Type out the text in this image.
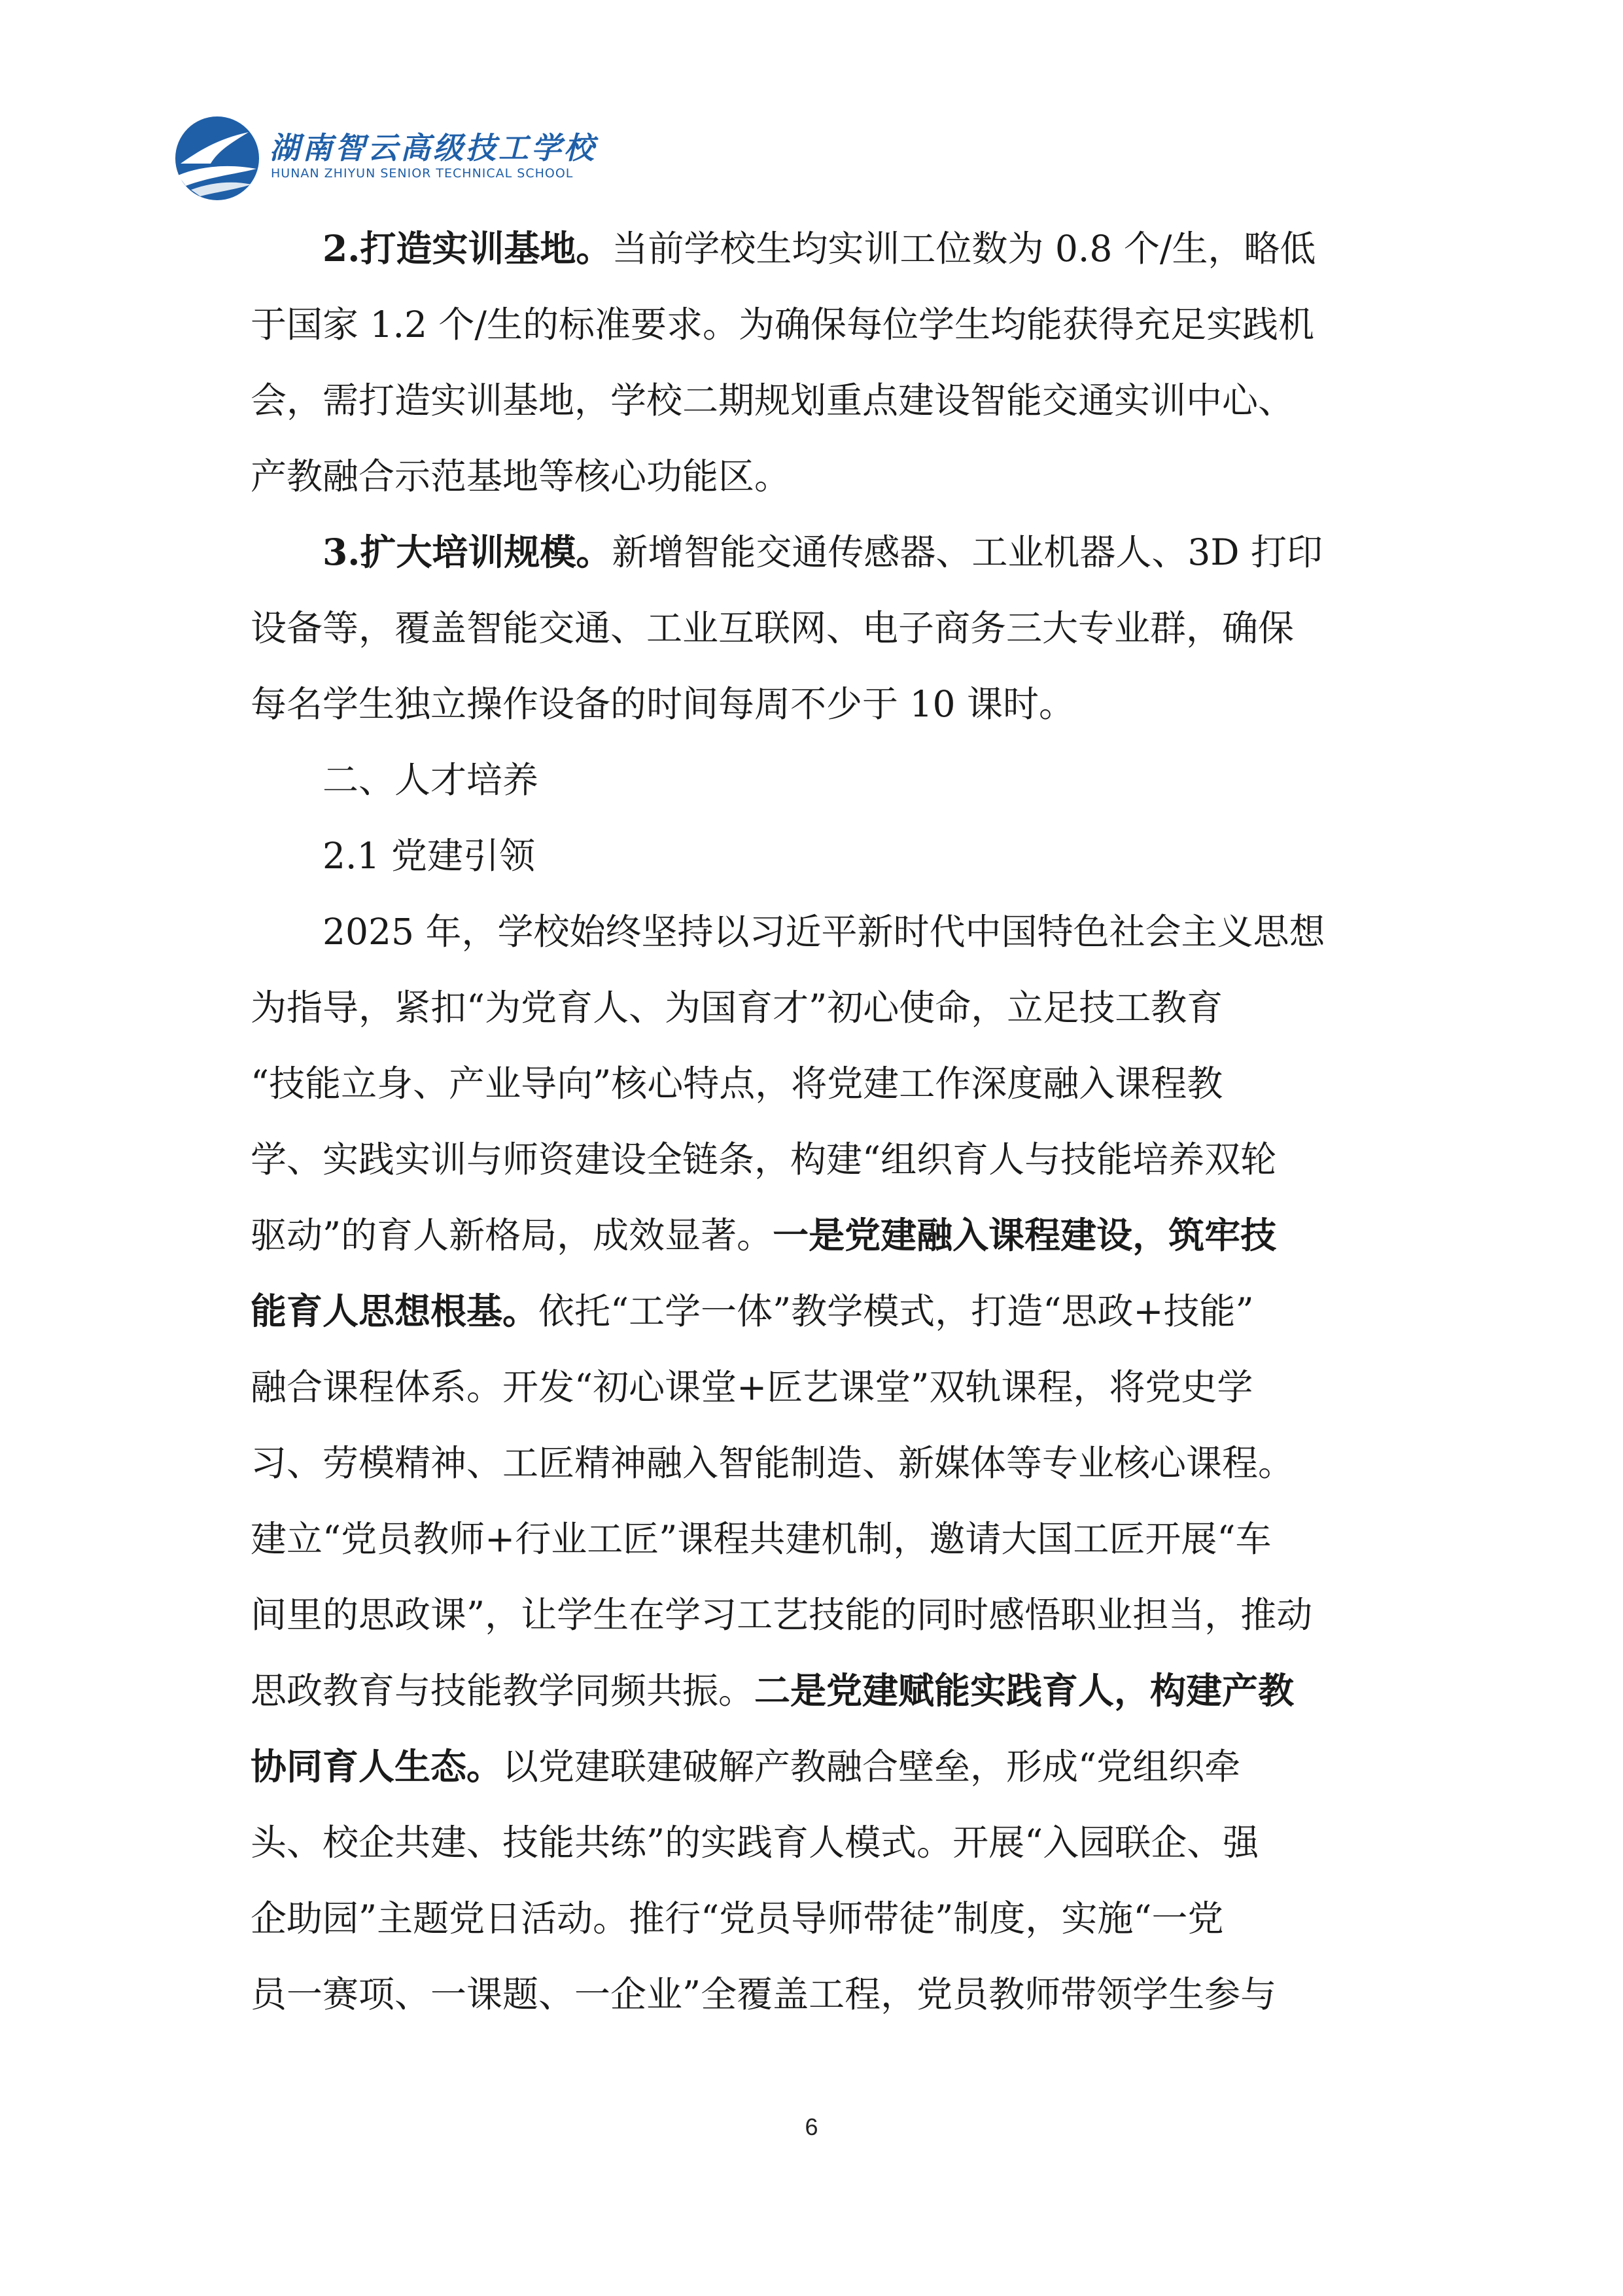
湖南智云高级技工学校
HUNAN ZHIYUN SENIOR TECHNICAL SCHOOL
2.打造实训基地。当前学校生均实训工位数为 0.8 个/生，略低
于国家 1.2 个/生的标准要求。为确保每位学生均能获得充足实践机
会，需打造实训基地，学校二期规划重点建设智能交通实训中心、
产教融合示范基地等核心功能区。
3.扩大培训规模。新增智能交通传感器、工业机器人、3D 打印
设备等，覆盖智能交通、工业互联网、电子商务三大专业群，确保
每名学生独立操作设备的时间每周不少于 10 课时。
二、人才培养
2.1 党建引领
2025 年，学校始终坚持以习近平新时代中国特色社会主义思想
为指导，紧扣“为党育人、为国育才”初心使命，立足技工教育
“技能立身、产业导向”核心特点，将党建工作深度融入课程教
学、实践实训与师资建设全链条，构建“组织育人与技能培养双轮
驱动”的育人新格局，成效显著。一是党建融入课程建设，筑牢技
能育人思想根基。依托“工学一体”教学模式，打造“思政+技能”
融合课程体系。开发“初心课堂+匠艺课堂”双轨课程，将党史学
习、劳模精神、工匠精神融入智能制造、新媒体等专业核心课程。
建立“党员教师+行业工匠”课程共建机制，邀请大国工匠开展“车
间里的思政课”，让学生在学习工艺技能的同时感悟职业担当，推动
思政教育与技能教学同频共振。二是党建赋能实践育人，构建产教
协同育人生态。以党建联建破解产教融合壁垒，形成“党组织牵
头、校企共建、技能共练”的实践育人模式。开展“入园联企、强
企助园”主题党日活动。推行“党员导师带徒”制度，实施“一党
员一赛项、一课题、一企业”全覆盖工程，党员教师带领学生参与
6
